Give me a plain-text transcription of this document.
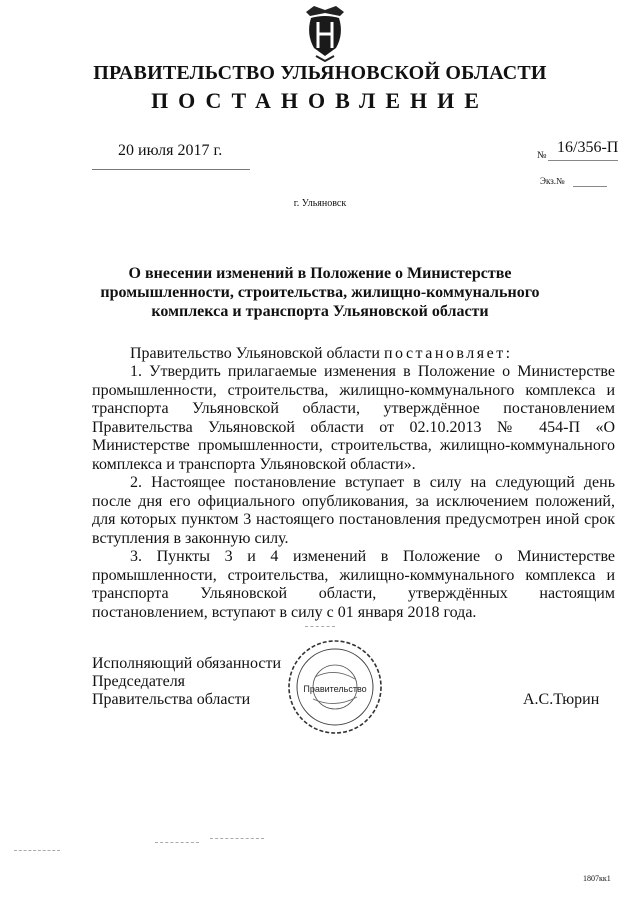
ПРАВИТЕЛЬСТВО УЛЬЯНОВСКОЙ ОБЛАСТИ
ПОСТАНОВЛЕНИЕ
20 июля 2017 г.	№ 16/356-П
Экз.№
г. Ульяновск
О внесении изменений в Положение о Министерстве промышленности, строительства, жилищно-коммунального комплекса и транспорта Ульяновской области
Правительство Ульяновской области постановляет:

1. Утвердить прилагаемые изменения в Положение о Министерстве промышленности, строительства, жилищно-коммунального комплекса и транспорта Ульяновской области, утверждённое постановлением Правительства Ульяновской области от 02.10.2013 № 454-П «О Министерстве промышленности, строительства, жилищно-коммунального комплекса и транспорта Ульяновской области».

2. Настоящее постановление вступает в силу на следующий день после дня его официального опубликования, за исключением положений, для которых пунктом 3 настоящего постановления предусмотрен иной срок вступления в законную силу.

3. Пункты 3 и 4 изменений в Положение о Министерстве промышленности, строительства, жилищно-коммунального комплекса и транспорта Ульяновской области, утверждённых настоящим постановлением, вступают в силу с 01 января 2018 года.

Исполняющий обязанности
Председателя
Правительства области
Правительство
А.С.Тюрин
1807кк1
